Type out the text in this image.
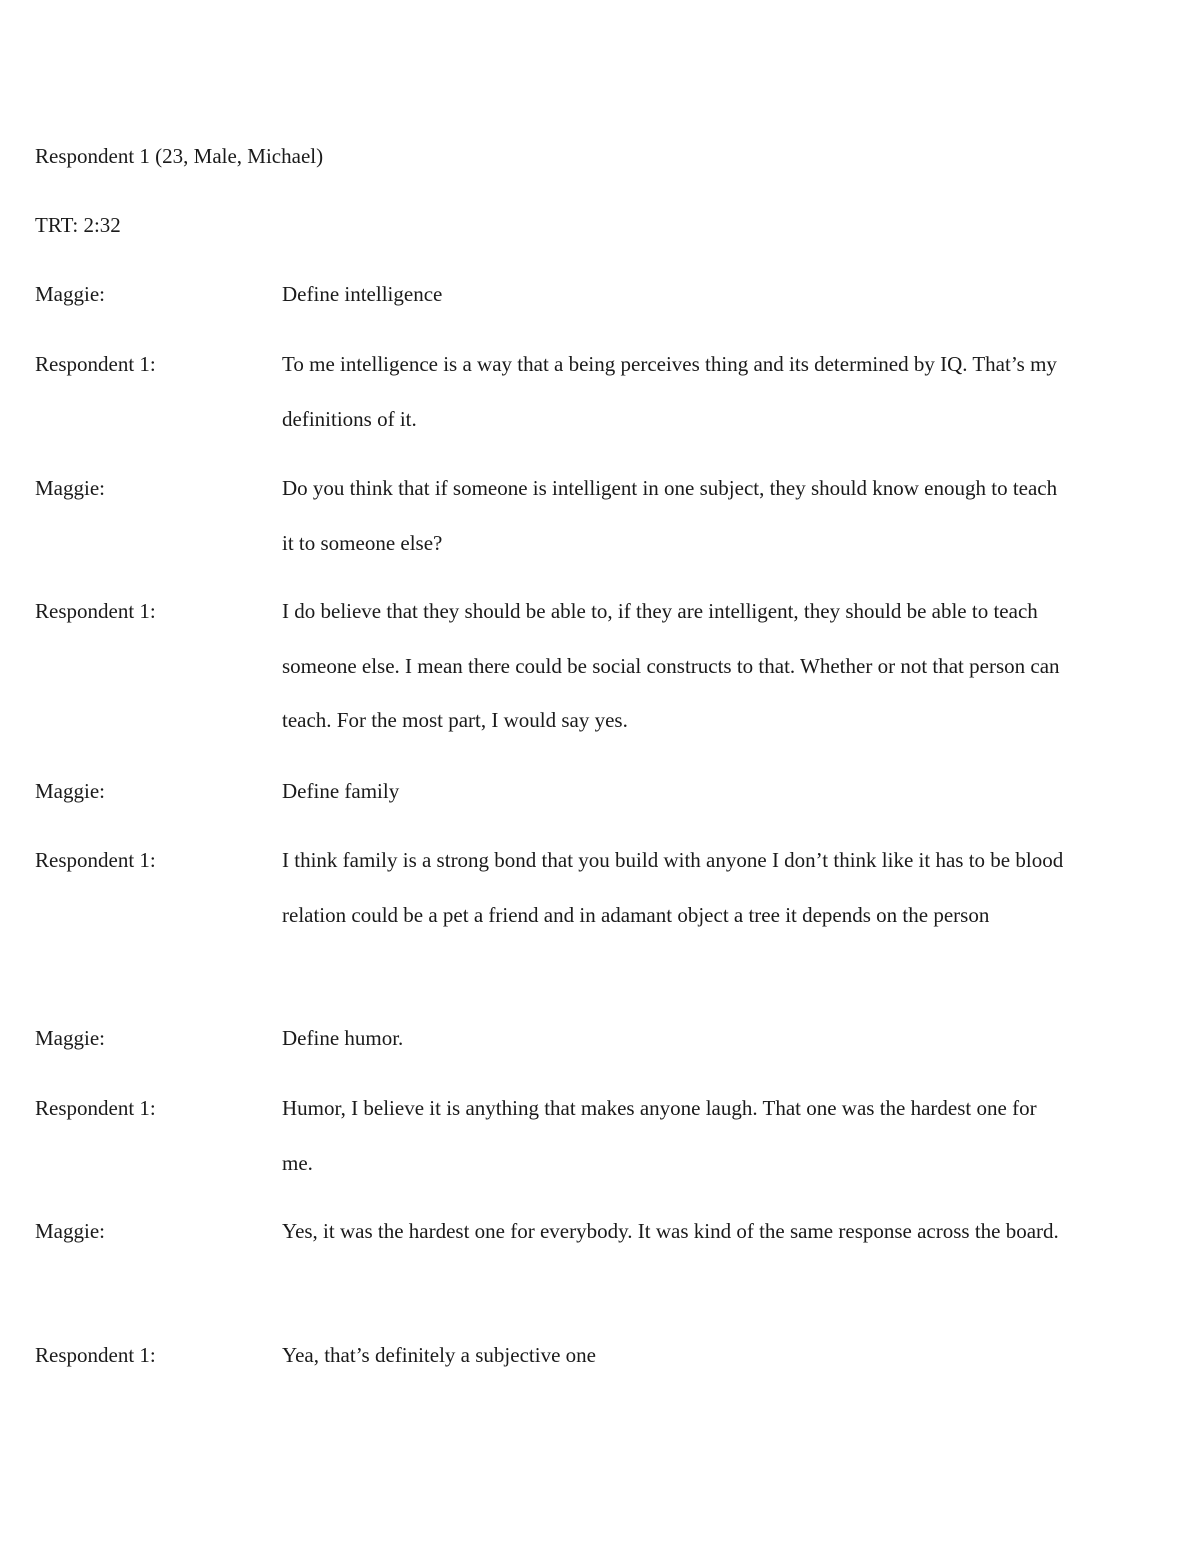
Respondent 1 (23, Male, Michael)
TRT: 2:32
Maggie:	Define intelligence
Respondent 1:	To me intelligence is a way that a being perceives thing and its determined by IQ. That’s my definitions of it.
Maggie:	Do you think that if someone is intelligent in one subject, they should know enough to teach it to someone else?
Respondent 1:	I do believe that they should be able to, if they are intelligent, they should be able to teach someone else. I mean there could be social constructs to that. Whether or not that person can teach. For the most part, I would say yes.
Maggie:	Define family
Respondent 1:	I think family is a strong bond that you build with anyone I don’t think like it has to be blood relation could be a pet a friend and in adamant object a tree it depends on the person
Maggie:	Define humor.
Respondent 1:	Humor, I believe it is anything that makes anyone laugh. That one was the hardest one for me.
Maggie:	Yes, it was the hardest one for everybody. It was kind of the same response across the board.
Respondent 1:	Yea, that’s definitely a subjective one
